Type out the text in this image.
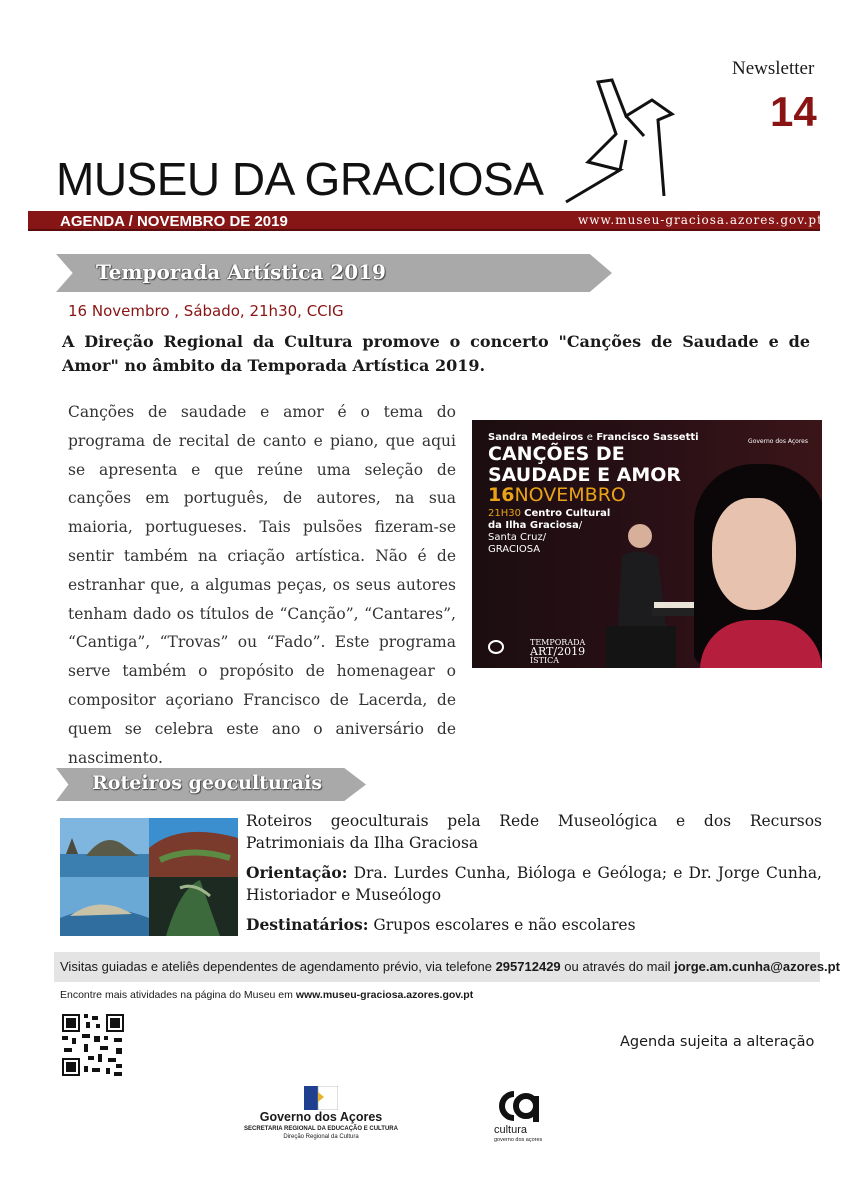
Newsletter
14
MUSEU DA GRACIOSA
AGENDA / NOVEMBRO DE 2019	www.museu-graciosa.azores.gov.pt
Temporada Artística 2019
16 Novembro , Sábado, 21h30, CCIG
A Direção Regional da Cultura promove o concerto "Canções de Saudade e de Amor" no âmbito da Temporada Artística 2019.
Canções de saudade e amor é o tema do programa de recital de canto e piano, que aqui se apresenta e que reúne uma seleção de canções em português, de autores, na sua maioria, portugueses. Tais pulsões fizeram-se sentir também na criação artística. Não é de estranhar que, a algumas peças, os seus autores tenham dado os títulos de “Canção”, “Cantares”, “Cantiga”, “Trovas” ou “Fado”. Este programa serve também o propósito de homenagear o compositor açoriano Francisco de Lacerda, de quem se celebra este ano o aniversário de nascimento.
Sandra Medeiros e Francisco Sassetti	Governo dos Açores
CANÇÕES DE
SAUDADE E AMOR
16NOVEMBRO
21H30 Centro Cultural
da Ilha Graciosa/
Santa Cruz/
GRACIOSA
TEMPORADA
ART/2019
ÍSTICA
Roteiros geoculturais
Roteiros geoculturais pela Rede Museológica e dos Recursos Patrimoniais da Ilha Graciosa
Orientação: Dra. Lurdes Cunha, Bióloga e Geóloga; e Dr. Jorge Cunha, Historiador e Museólogo
Destinatários: Grupos escolares e não escolares
Visitas guiadas e ateliês dependentes de agendamento prévio, via telefone 295712429 ou através do mail jorge.am.cunha@azores.pt
Encontre mais atividades na página do Museu em www.museu-graciosa.azores.gov.pt
Agenda sujeita a alteração
Governo dos Açores
SECRETARIA REGIONAL DA EDUCAÇÃO E CULTURA
Direção Regional da Cultura
cultura
governo dos açores
